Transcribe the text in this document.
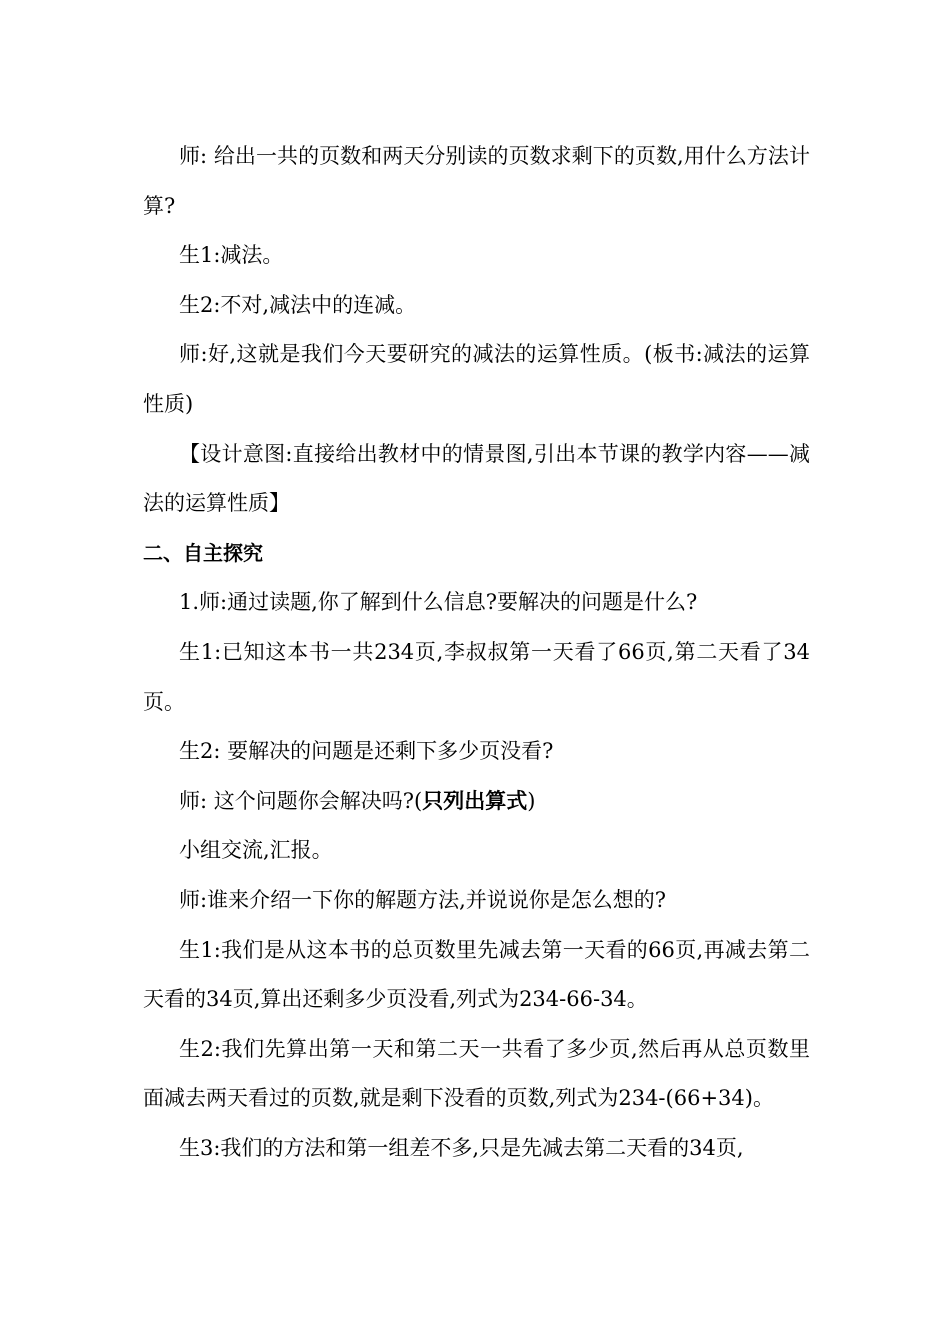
师: 给出一共的页数和两天分别读的页数求剩下的页数,用什么方法计算?

生1:减法。

生2:不对,减法中的连减。

师:好,这就是我们今天要研究的减法的运算性质。(板书:减法的运算性质)

【设计意图:直接给出教材中的情景图,引出本节课的教学内容——减法的运算性质】

二、自主探究

1.师:通过读题,你了解到什么信息?要解决的问题是什么?

生1:已知这本书一共234页,李叔叔第一天看了66页,第二天看了34页。

生2: 要解决的问题是还剩下多少页没看?

师: 这个问题你会解决吗?(只列出算式)

小组交流,汇报。

师:谁来介绍一下你的解题方法,并说说你是怎么想的?

生1:我们是从这本书的总页数里先减去第一天看的66页,再减去第二天看的34页,算出还剩多少页没看,列式为234-66-34。

生2:我们先算出第一天和第二天一共看了多少页,然后再从总页数里面减去两天看过的页数,就是剩下没看的页数,列式为234-(66+34)。

生3:我们的方法和第一组差不多,只是先减去第二天看的34页,
